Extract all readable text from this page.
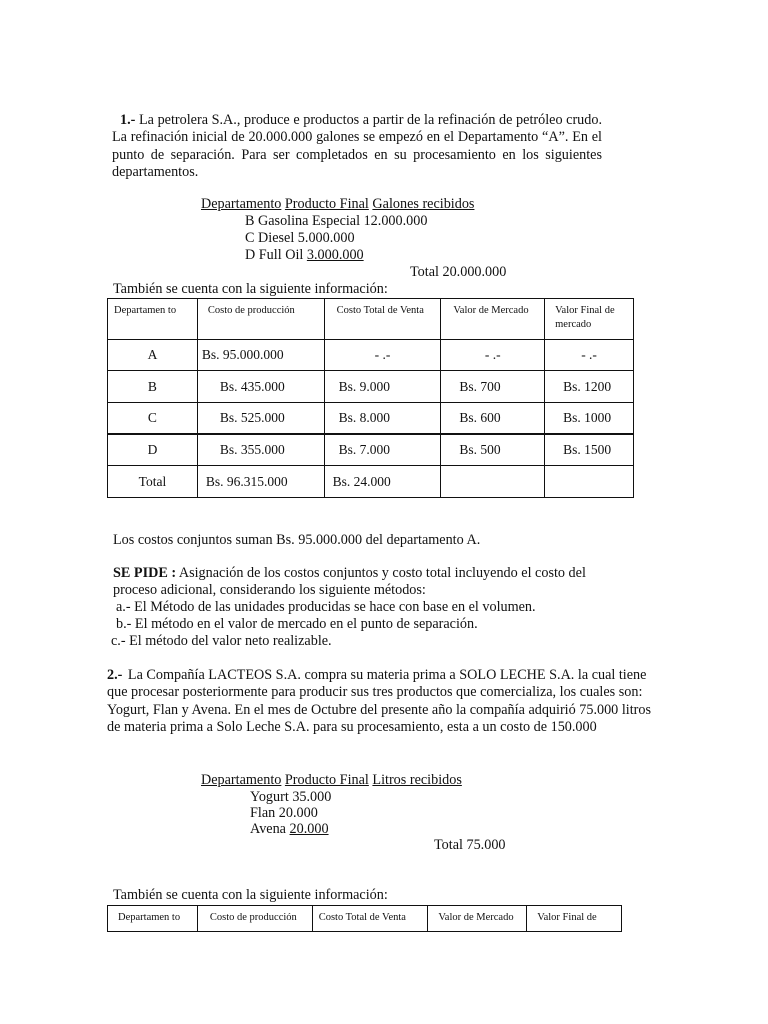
1.- La petrolera S.A., produce e productos a partir de la refinación de petróleo crudo. La refinación inicial de 20.000.000 galones se empezó en el Departamento “A”. En el punto de separación. Para ser completados en su procesamiento en los siguientes departamentos.
Departamento Producto Final Galones recibidos
B Gasolina Especial 12.000.000
C Diesel 5.000.000
D Full Oil 3.000.000
Total 20.000.000
También se cuenta con la siguiente información:
Departamen to	Costo de producción	Costo Total de Venta	Valor de Mercado	Valor Final de mercado
A	Bs. 95.000.000	- .-	- .-	- .-
B	Bs. 435.000	Bs. 9.000	Bs. 700	Bs. 1200
C	Bs. 525.000	Bs. 8.000	Bs. 600	Bs. 1000
D	Bs. 355.000	Bs. 7.000	Bs. 500	Bs. 1500
Total	Bs. 96.315.000	Bs. 24.000		
Los costos conjuntos suman Bs. 95.000.000 del departamento A.
SE PIDE : Asignación de los costos conjuntos y costo total incluyendo el costo del
proceso adicional, considerando los siguiente métodos:
a.- El Método de las unidades producidas se hace con base en el volumen.
b.- El método en el valor de mercado en el punto de separación.
c.- El método del valor neto realizable.
2.- La Compañía LACTEOS S.A. compra su materia prima a SOLO LECHE S.A. la cual tiene que procesar posteriormente para producir sus tres productos que comercializa, los cuales son: Yogurt, Flan y Avena. En el mes de Octubre del presente año la compañía adquirió 75.000 litros de materia prima a Solo Leche S.A. para su procesamiento, esta a un costo de 150.000
Departamento Producto Final Litros recibidos
Yogurt 35.000
Flan 20.000
Avena 20.000
Total 75.000
También se cuenta con la siguiente información:
Departamen to	Costo de producción	Costo Total de Venta	Valor de Mercado	Valor Final de
